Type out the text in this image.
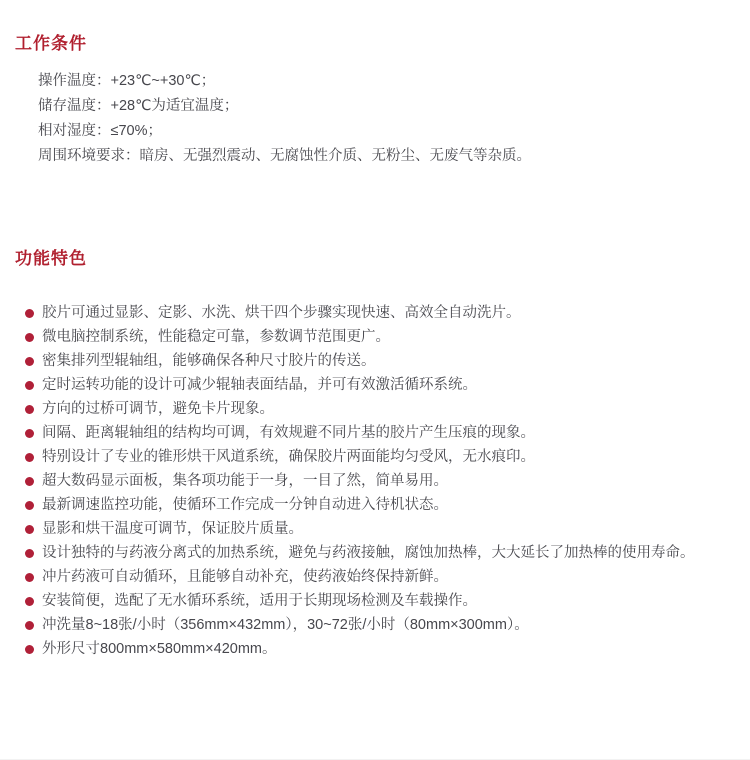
工作条件
操作温度：+23℃~+30℃；
储存温度：+28℃为适宜温度；
相对湿度：≤70%；
周围环境要求：暗房、无强烈震动、无腐蚀性介质、无粉尘、无废气等杂质。
功能特色
胶片可通过显影、定影、水洗、烘干四个步骤实现快速、高效全自动洗片。
微电脑控制系统，性能稳定可靠，参数调节范围更广。
密集排列型辊轴组，能够确保各种尺寸胶片的传送。
定时运转功能的设计可减少辊轴表面结晶，并可有效激活循环系统。
方向的过桥可调节，避免卡片现象。
间隔、距离辊轴组的结构均可调，有效规避不同片基的胶片产生压痕的现象。
特别设计了专业的锥形烘干风道系统，确保胶片两面能均匀受风，无水痕印。
超大数码显示面板，集各项功能于一身，一目了然，简单易用。
最新调速监控功能，使循环工作完成一分钟自动进入待机状态。
显影和烘干温度可调节，保证胶片质量。
设计独特的与药液分离式的加热系统，避免与药液接触，腐蚀加热棒，大大延长了加热棒的使用寿命。
冲片药液可自动循环，且能够自动补充，使药液始终保持新鲜。
安装简便，选配了无水循环系统，适用于长期现场检测及车载操作。
冲洗量8~18张/小时（356mm×432mm），30~72张/小时（80mm×300mm）。
外形尺寸800mm×580mm×420mm。
